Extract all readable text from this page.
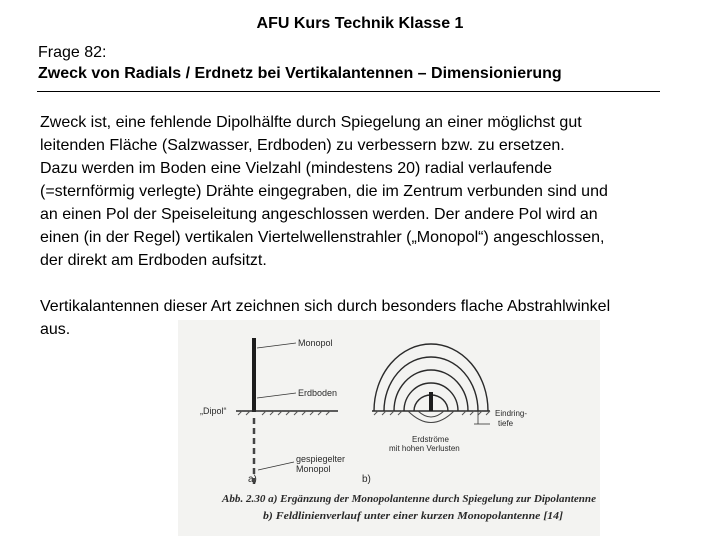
AFU Kurs Technik Klasse 1
Frage 82:
Zweck von Radials / Erdnetz bei Vertikalantennen – Dimensionierung

Zweck ist, eine fehlende Dipolhälfte durch Spiegelung an einer möglichst gut
leitenden Fläche (Salzwasser, Erdboden) zu verbessern bzw. zu ersetzen.
Dazu werden im Boden eine Vielzahl (mindestens 20) radial verlaufende
(=sternförmig verlegte) Drähte eingegraben, die im Zentrum verbunden sind und
an einen Pol der Speiseleitung angeschlossen werden. Der andere Pol wird an
einen (in der Regel) vertikalen Viertelwellenstrahler („Monopol“) angeschlossen,
der direkt am Erdboden aufsitzt.

Vertikalantennen dieser Art zeichnen sich durch besonders flache Abstrahlwinkel
aus.

Monopol
Erdboden
„Dipol“
gespiegelter
Monopol
a)
Eindring-
tiefe
Erdströme
mit hohen Verlusten
b)
Abb. 2.30 a) Ergänzung der Monopolantenne durch Spiegelung zur Dipolantenne
b) Feldlinienverlauf unter einer kurzen Monopolantenne [14]
